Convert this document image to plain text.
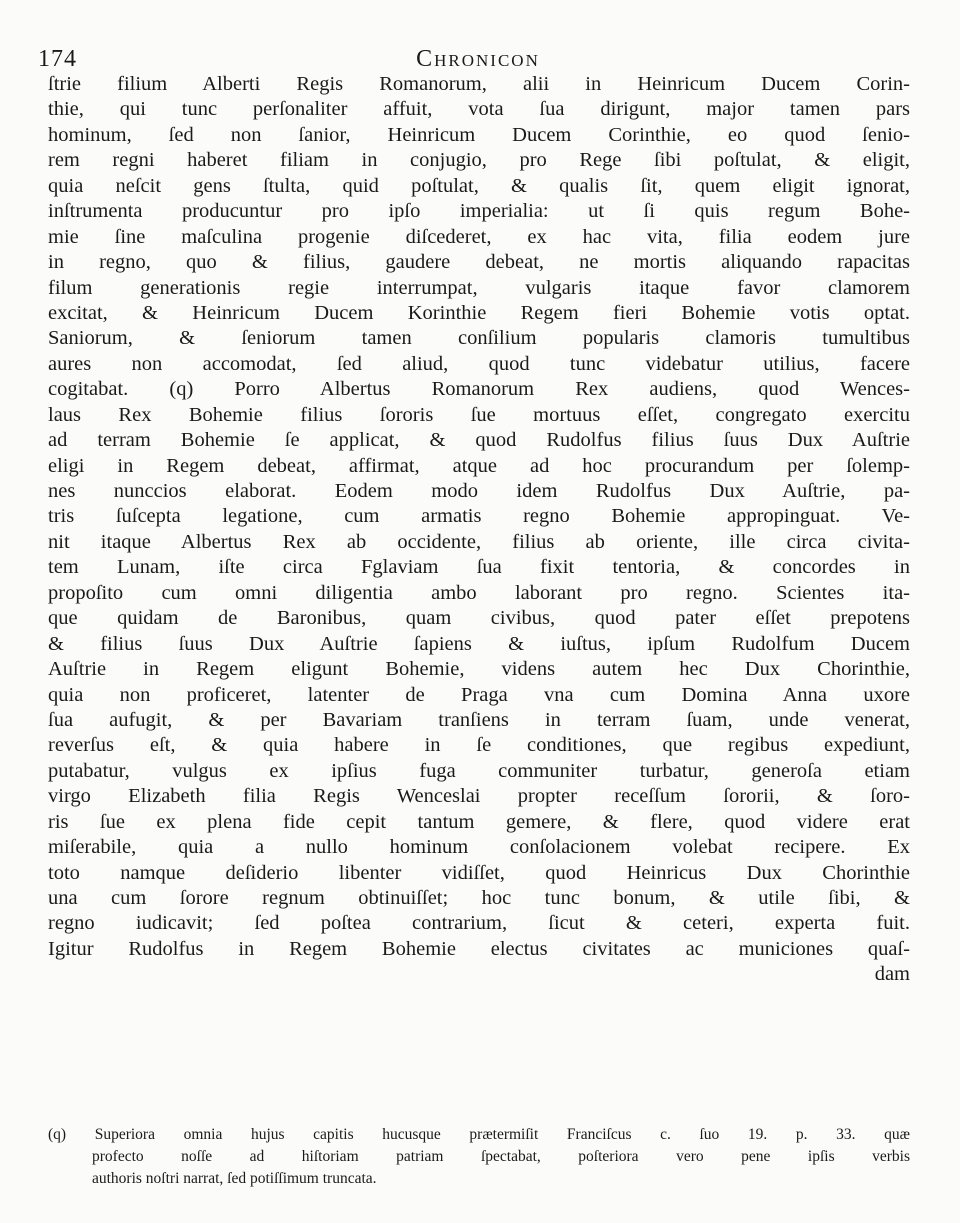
174	Chronicon
ſtrie filium Alberti Regis Romanorum, alii in Heinricum Ducem Corin-
thie, qui tunc perſonaliter affuit, vota ſua dirigunt, major tamen pars
hominum, ſed non ſanior, Heinricum Ducem Corinthie, eo quod ſenio-
rem regni haberet filiam in conjugio, pro Rege ſibi poſtulat, & eligit,
quia neſcit gens ſtulta, quid poſtulat, & qualis ſit, quem eligit ignorat,
inſtrumenta producuntur pro ipſo imperialia: ut ſi quis regum Bohe-
mie ſine maſculina progenie diſcederet, ex hac vita, filia eodem jure
in regno, quo & filius, gaudere debeat, ne mortis aliquando rapacitas
filum generationis regie interrumpat, vulgaris itaque favor clamorem
excitat, & Heinricum Ducem Korinthie Regem fieri Bohemie votis optat.
Saniorum, & ſeniorum tamen conſilium popularis clamoris tumultibus
aures non accomodat, ſed aliud, quod tunc videbatur utilius, facere
cogitabat. (q) Porro Albertus Romanorum Rex audiens, quod Wences-
laus Rex Bohemie filius ſororis ſue mortuus eſſet, congregato exercitu
ad terram Bohemie ſe applicat, & quod Rudolfus filius ſuus Dux Auſtrie
eligi in Regem debeat, affirmat, atque ad hoc procurandum per ſolemp-
nes nunccios elaborat. Eodem modo idem Rudolfus Dux Auſtrie, pa-
tris ſuſcepta legatione, cum armatis regno Bohemie appropinguat. Ve-
nit itaque Albertus Rex ab occidente, filius ab oriente, ille circa civita-
tem Lunam, iſte circa Fglaviam ſua fixit tentoria, & concordes in
propoſito cum omni diligentia ambo laborant pro regno. Scientes ita-
que quidam de Baronibus, quam civibus, quod pater eſſet prepotens
& filius ſuus Dux Auſtrie ſapiens & iuſtus, ipſum Rudolfum Ducem
Auſtrie in Regem eligunt Bohemie, videns autem hec Dux Chorinthie,
quia non proficeret, latenter de Praga vna cum Domina Anna uxore
ſua aufugit, & per Bavariam tranſiens in terram ſuam, unde venerat,
reverſus eſt, & quia habere in ſe conditiones, que regibus expediunt,
putabatur, vulgus ex ipſius fuga communiter turbatur, generoſa etiam
virgo Elizabeth filia Regis Wenceslai propter receſſum ſororii, & ſoro-
ris ſue ex plena fide cepit tantum gemere, & flere, quod videre erat
miſerabile, quia a nullo hominum conſolacionem volebat recipere. Ex
toto namque deſiderio libenter vidiſſet, quod Heinricus Dux Chorinthie
una cum ſorore regnum obtinuiſſet; hoc tunc bonum, & utile ſibi, &
regno iudicavit; ſed poſtea contrarium, ſicut & ceteri, experta fuit.
Igitur Rudolfus in Regem Bohemie electus civitates ac municiones quaſ-
dam
(q) Superiora omnia hujus capitis hucusque prætermiſit Franciſcus c. ſuo 19. p. 33. quæ
profecto noſſe ad hiſtoriam patriam ſpectabat, poſteriora vero pene ipſis verbis
authoris noſtri narrat, ſed potiſſimum truncata.
